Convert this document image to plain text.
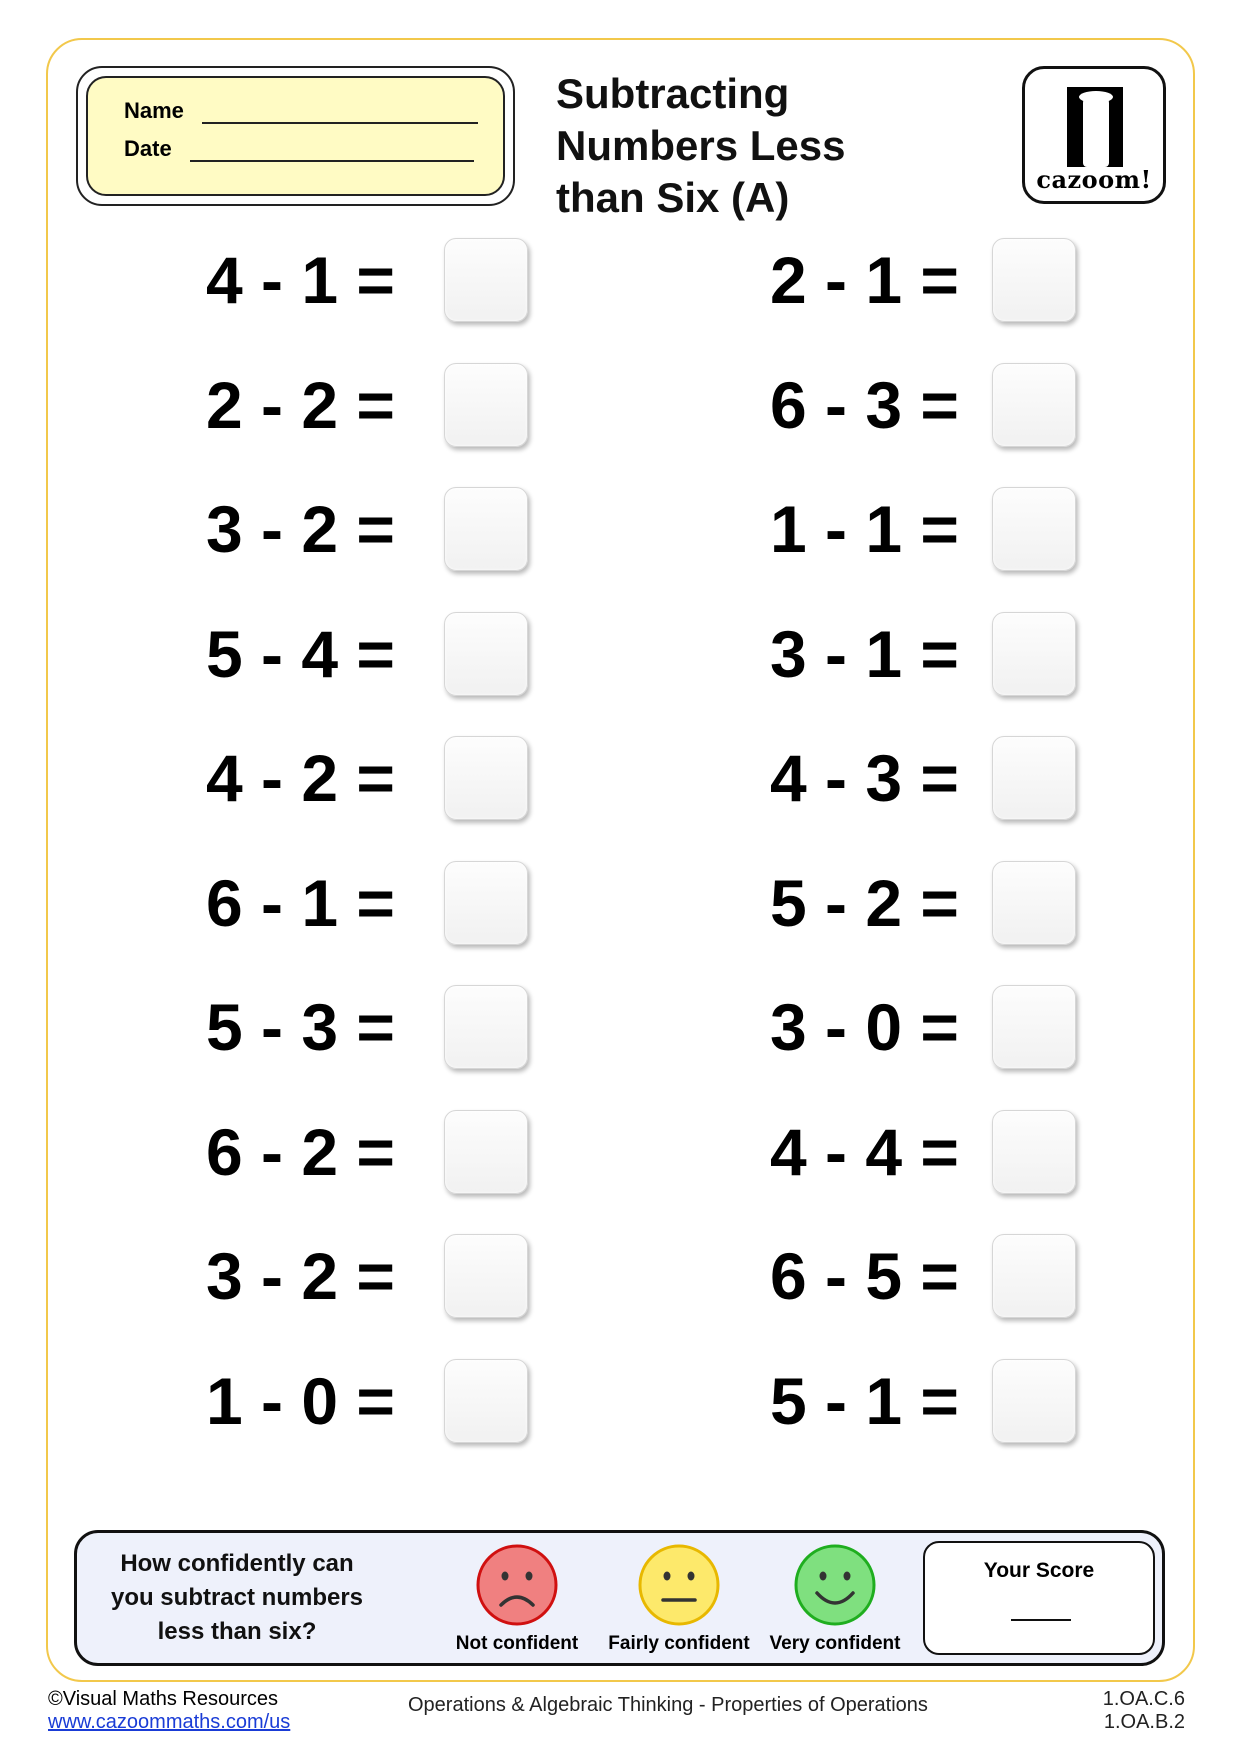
Name
Date
Subtracting Numbers Less than Six (A)	cazoom!
4 - 1 =
2 - 2 =
3 - 2 =
5 - 4 =
4 - 2 =
6 - 1 =
5 - 3 =
6 - 2 =
3 - 2 =
1 - 0 =
2 - 1 =
6 - 3 =
1 - 1 =
3 - 1 =
4 - 3 =
5 - 2 =
3 - 0 =
4 - 4 =
6 - 5 =
5 - 1 =
How confidently can you subtract numbers less than six?	Not confident	Fairly confident	Very confident
Your Score
©Visual Maths Resources
www.cazoommaths.com/us
Operations & Algebraic Thinking - Properties of Operations	1.OA.C.6
1.OA.B.2
